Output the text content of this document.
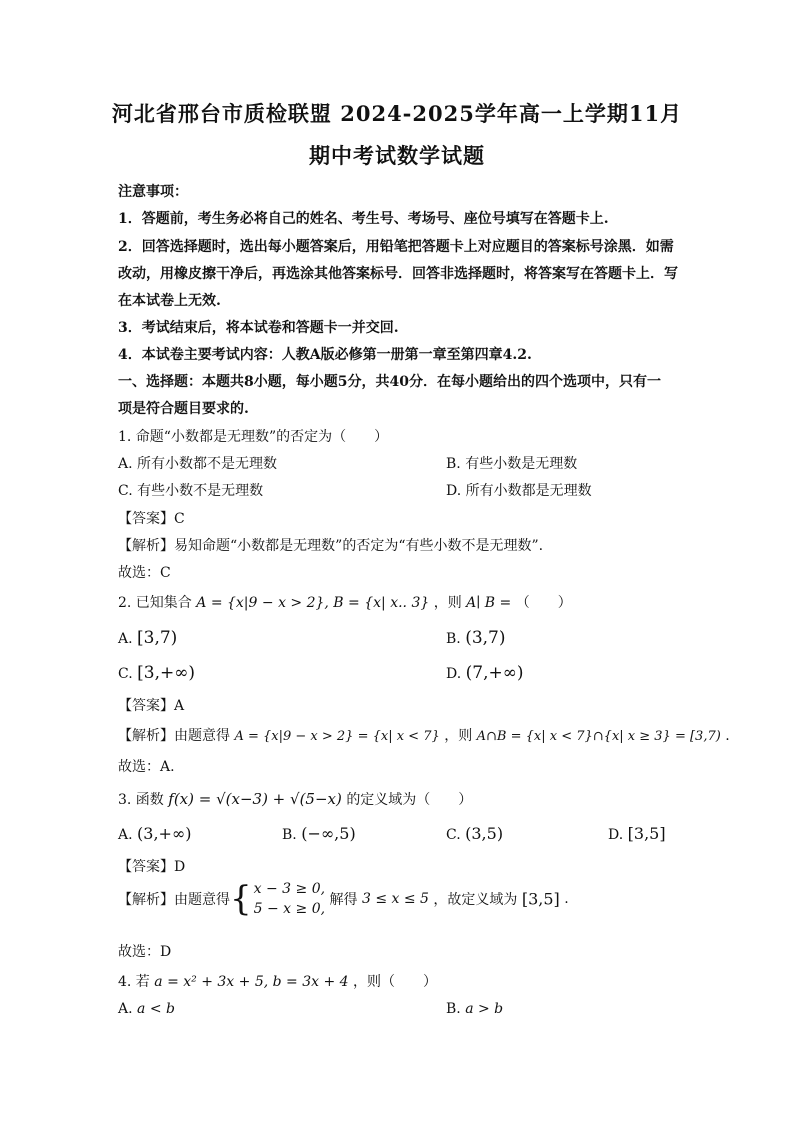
河北省邢台市质检联盟 2024-2025学年高一上学期11月
期中考试数学试题
注意事项：
1．答题前，考生务必将自己的姓名、考生号、考场号、座位号填写在答题卡上.
2．回答选择题时，选出每小题答案后，用铅笔把答题卡上对应题目的答案标号涂黑．如需
改动，用橡皮擦干净后，再选涂其他答案标号．回答非选择题时，将答案写在答题卡上．写
在本试卷上无效.
3．考试结束后，将本试卷和答题卡一并交回.
4．本试卷主要考试内容：人教A版必修第一册第一章至第四章4.2.
一、选择题：本题共8小题，每小题5分，共40分．在每小题给出的四个选项中，只有一
项是符合题目要求的.
1. 命题“小数都是无理数”的否定为（　　）
A. 所有小数都不是无理数	B. 有些小数是无理数
C. 有些小数不是无理数	D. 所有小数都是无理数
【答案】C
【解析】易知命题“小数都是无理数”的否定为“有些小数不是无理数”.
故选：C
2. 已知集合 A = {x|9 − x > 2}, B = {x| x.. 3} ，则 A∣ B = （　　）
A. [3,7)	B. (3,7)
C. [3,+∞)	D. (7,+∞)
【答案】A
【解析】由题意得 A = {x|9 − x > 2} = {x| x < 7} ，则 A∩B = {x| x < 7}∩{x| x ≥ 3} = [3,7) .
故选：A.
3. 函数 f(x) = √(x−3) + √(5−x) 的定义域为（　　）
A. (3,+∞)	B. (−∞,5)	C. (3,5)	D. [3,5]
【答案】D
【解析】由题意得{ x − 3 ≥ 0,
5 − x ≥ 0,
解得 3 ≤ x ≤ 5 ，故定义域为 [3,5] .
故选：D
4. 若 a = x² + 3x + 5, b = 3x + 4 ，则（　　）
A. a < b	B. a > b
